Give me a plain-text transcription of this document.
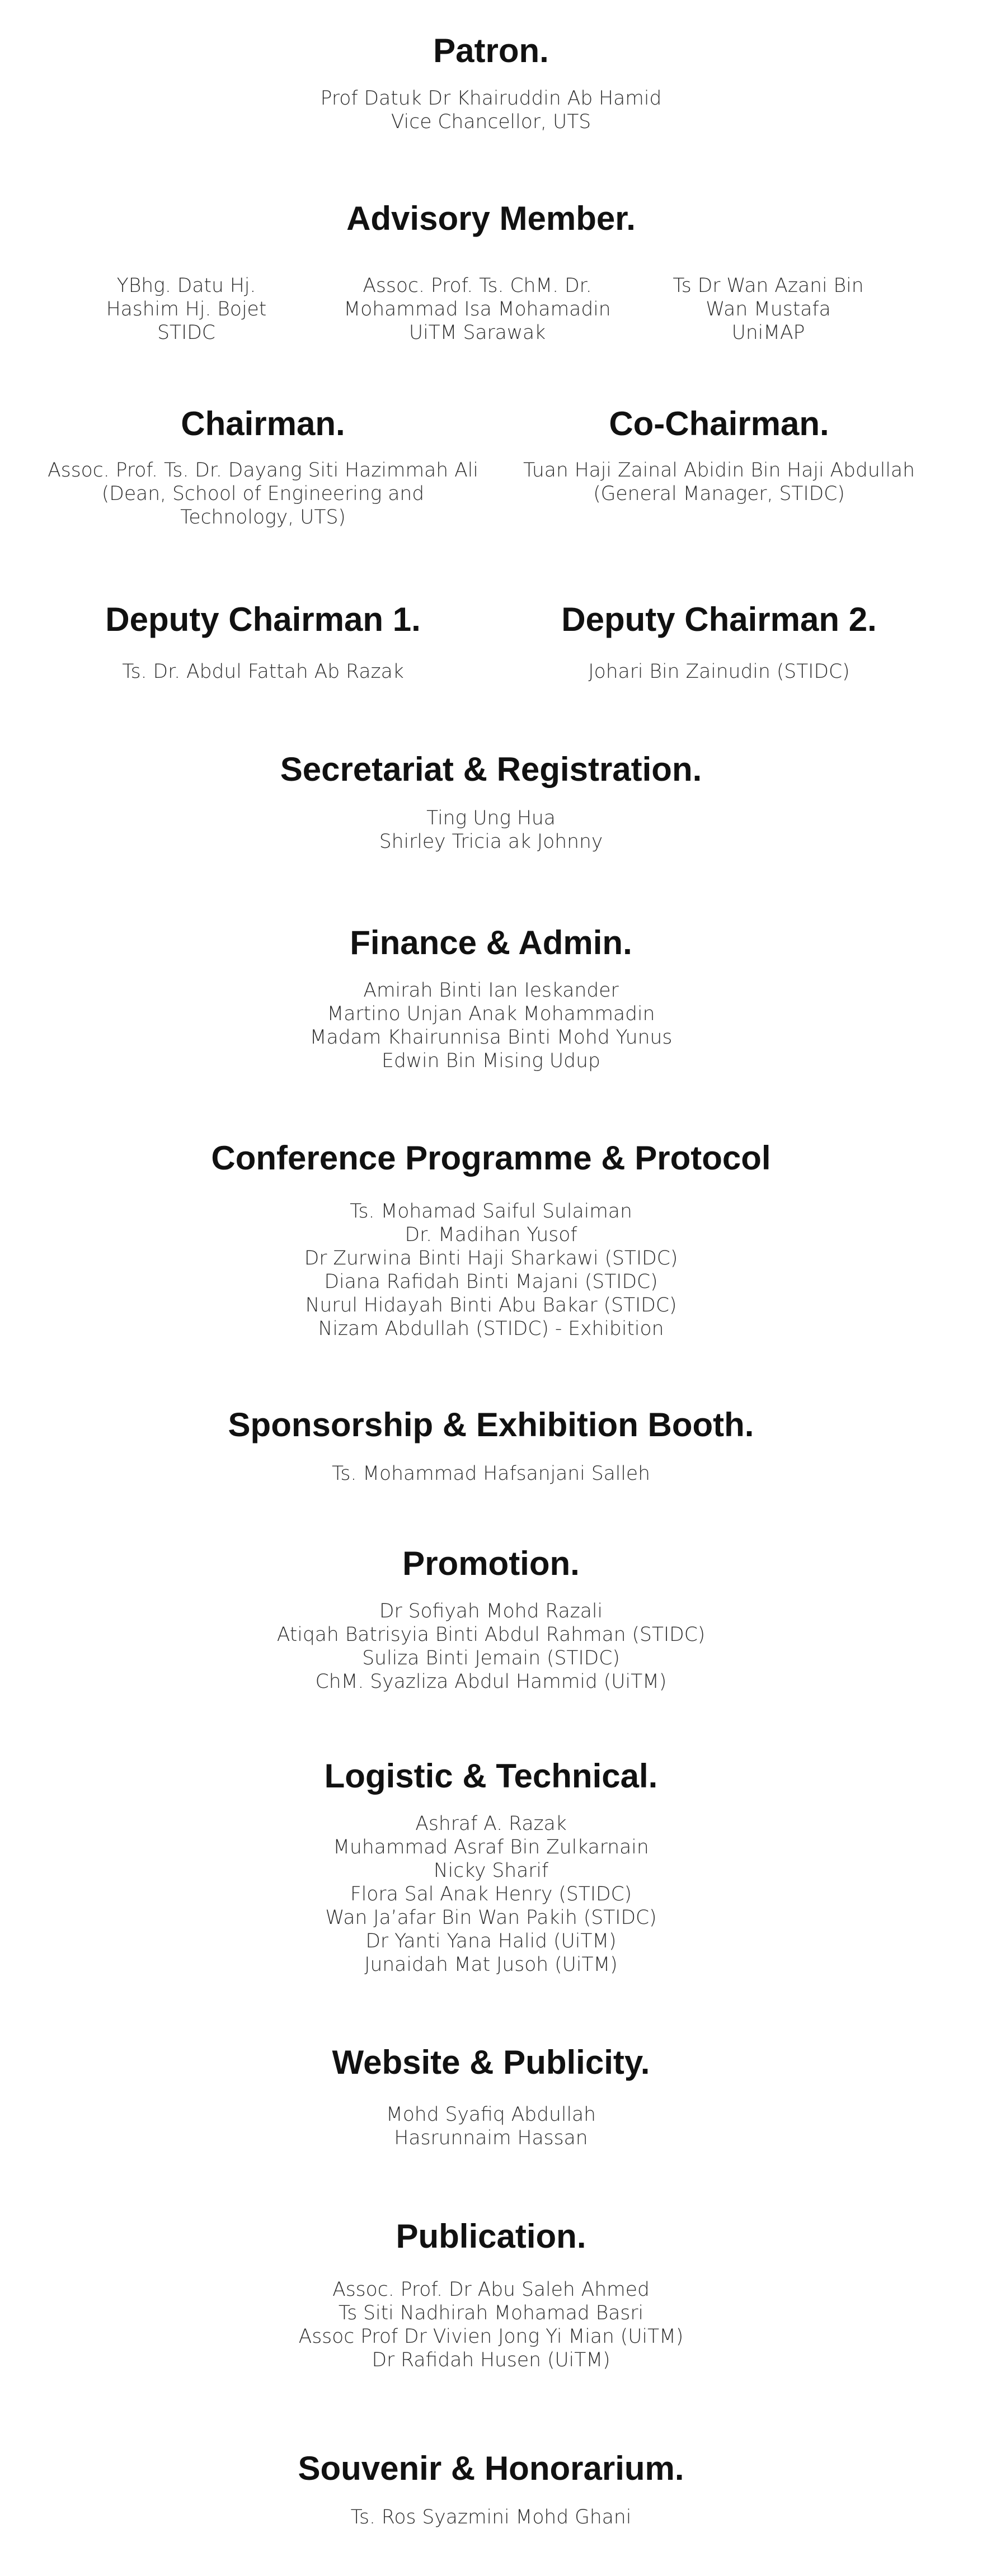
Patron.
Prof Datuk Dr Khairuddin Ab Hamid
Vice Chancellor, UTS
Advisory Member.
YBhg. Datu Hj.
Hashim Hj. Bojet
STIDC
Assoc. Prof. Ts. ChM. Dr.
Mohammad Isa Mohamadin
UiTM Sarawak
Ts Dr Wan Azani Bin
Wan Mustafa
UniMAP
Chairman.
Assoc. Prof. Ts. Dr. Dayang Siti Hazimmah Ali
(Dean, School of Engineering and
Technology, UTS)
Co-Chairman.
Tuan Haji Zainal Abidin Bin Haji Abdullah
(General Manager, STIDC)
Deputy Chairman 1.
Ts. Dr. Abdul Fattah Ab Razak
Deputy Chairman 2.
Johari Bin Zainudin (STIDC)
Secretariat & Registration.
Ting Ung Hua
Shirley Tricia ak Johnny
Finance & Admin.
Amirah Binti Ian Ieskander
Martino Unjan Anak Mohammadin
Madam Khairunnisa Binti Mohd Yunus
Edwin Bin Mising Udup
Conference Programme & Protocol
Ts. Mohamad Saiful Sulaiman
Dr. Madihan Yusof
Dr Zurwina Binti Haji Sharkawi (STIDC)
Diana Rafidah Binti Majani (STIDC)
Nurul Hidayah Binti Abu Bakar (STIDC)
Nizam Abdullah (STIDC) - Exhibition
Sponsorship & Exhibition Booth.
Ts. Mohammad Hafsanjani Salleh
Promotion.
Dr Sofiyah Mohd Razali
Atiqah Batrisyia Binti Abdul Rahman (STIDC)
Suliza Binti Jemain (STIDC)
ChM. Syazliza Abdul Hammid (UiTM)
Logistic & Technical.
Ashraf A. Razak
Muhammad Asraf Bin Zulkarnain
Nicky Sharif
Flora Sal Anak Henry (STIDC)
Wan Ja’afar Bin Wan Pakih (STIDC)
Dr Yanti Yana Halid (UiTM)
Junaidah Mat Jusoh (UiTM)
Website & Publicity.
Mohd Syafiq Abdullah
Hasrunnaim Hassan
Publication.
Assoc. Prof. Dr Abu Saleh Ahmed
Ts Siti Nadhirah Mohamad Basri
Assoc Prof Dr Vivien Jong Yi Mian (UiTM)
Dr Rafidah Husen (UiTM)
Souvenir & Honorarium.
Ts. Ros Syazmini Mohd Ghani
